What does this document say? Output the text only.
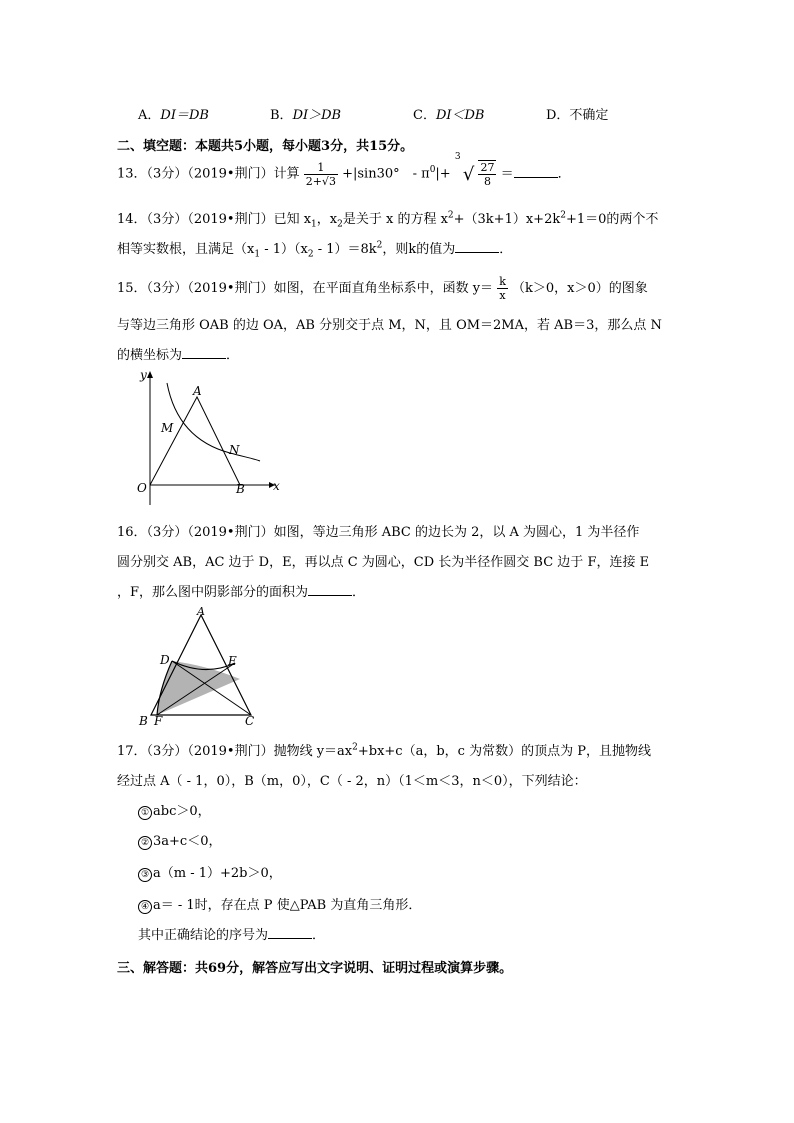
A．DI＝DB	B．DI＞DB	C．DI＜DB	D．不确定
二、填空题：本题共5小题，每小题3分，共15分。
13．（3分）（2019•荆门）计算 $\frac{1}{2+√3} +|\sin 30^\circ$　- $\pi^0|+$
3
√ $\frac{27}{8}$ ＝	．
14．（3分）（2019•荆门）已知 $x_1$，$x_2$是关于 x 的方程 $x^2+(3k+1)x+2k^2+1=0$的两个不
相等实数根，且满足$(x_1 - 1)(x_2 - 1)=8k^2$，则k的值为	．
15．（3分）（2019•荆门）如图，在平面直角坐标系中，函数 $y= \frac{k}{x} (k>0$，x＞0）的图象
与等边三角形 OAB 的边 OA，AB 分别交于点 M，N，且 OM＝2MA，若 AB＝3，那么点 N
的横坐标为	．
y
x
O
A
B
M
N
16．（3分）（2019•荆门）如图，等边三角形 ABC 的边长为 2，以 A 为圆心，1 为半径作
圆分别交 AB，AC 边于 D，E，再以点 C 为圆心，CD 长为半径作圆交 BC 边于 F，连接 E
，F，那么图中阴影部分的面积为	．
A
D	E
B F	C
17．（3分）（2019•荆门）抛物线 $y=ax^2+bx+c(a$，b，c 为常数）的顶点为 P，且抛物线
经过点 A（ - 1，0），B（m，0），C（ - 2，n）（1＜m＜3，n＜0），下列结论：
① abc＞0，
② 3a+c＜0，
③ a（m - 1）+2b＞0，
④ a＝ - 1时，存在点 P 使△PAB 为直角三角形．
其中正确结论的序号为	．
三、解答题：共69分，解答应写出文字说明、证明过程或演算步骤。
